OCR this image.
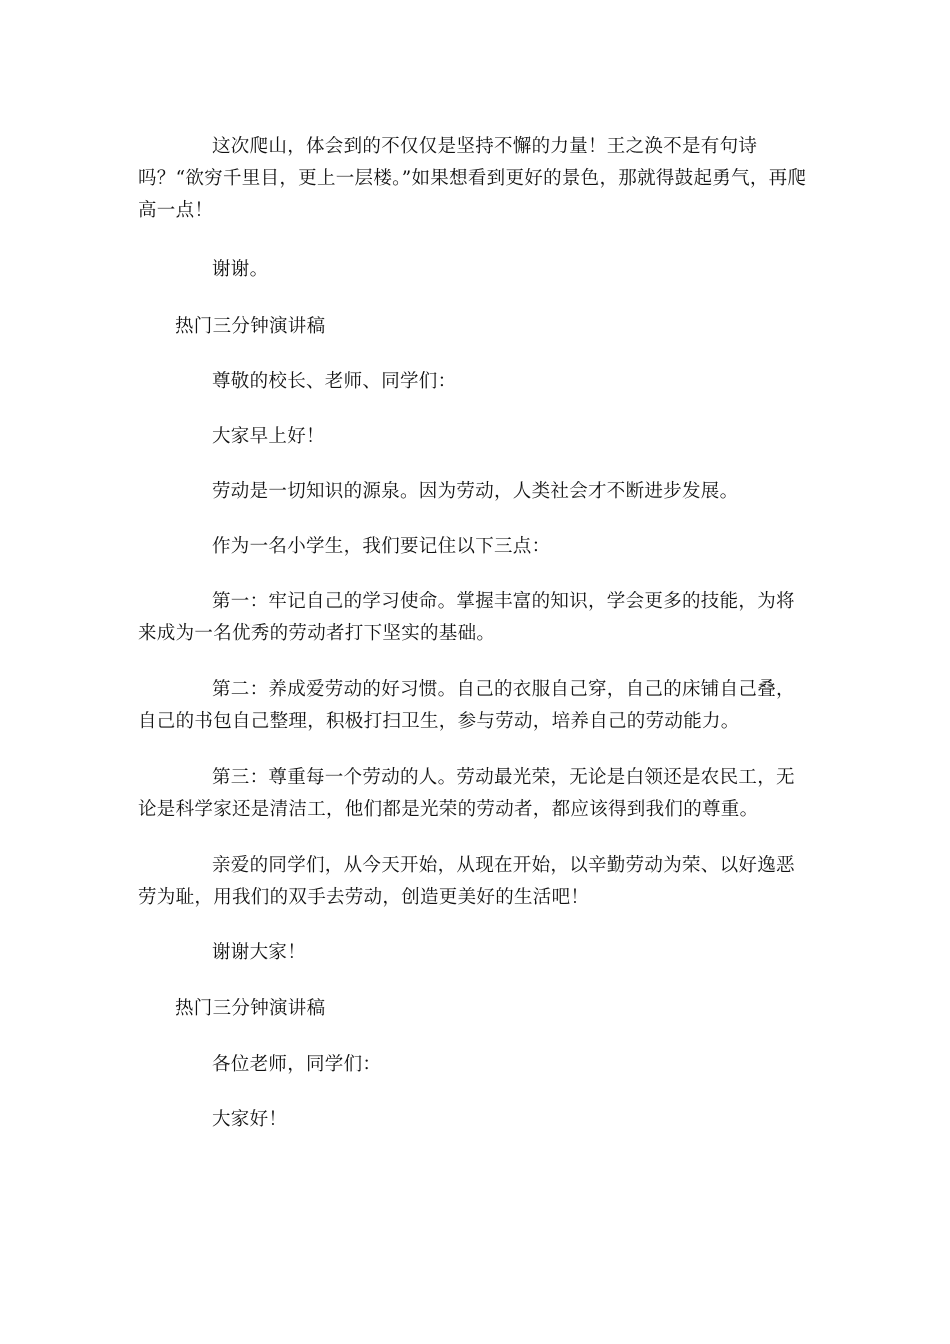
这次爬山，体会到的不仅仅是坚持不懈的力量！王之涣不是有句诗吗？“欲穷千里目，更上一层楼。”如果想看到更好的景色，那就得鼓起勇气，再爬高一点！

谢谢。

热门三分钟演讲稿

尊敬的校长、老师、同学们：

大家早上好！

劳动是一切知识的源泉。因为劳动，人类社会才不断进步发展。

作为一名小学生，我们要记住以下三点：

第一：牢记自己的学习使命。掌握丰富的知识，学会更多的技能，为将来成为一名优秀的劳动者打下坚实的基础。

第二：养成爱劳动的好习惯。自己的衣服自己穿，自己的床铺自己叠，自己的书包自己整理，积极打扫卫生，参与劳动，培养自己的劳动能力。

第三：尊重每一个劳动的人。劳动最光荣，无论是白领还是农民工，无论是科学家还是清洁工，他们都是光荣的劳动者，都应该得到我们的尊重。

亲爱的同学们，从今天开始，从现在开始，以辛勤劳动为荣、以好逸恶劳为耻，用我们的双手去劳动，创造更美好的生活吧！

谢谢大家！

热门三分钟演讲稿

各位老师，同学们：

大家好！
